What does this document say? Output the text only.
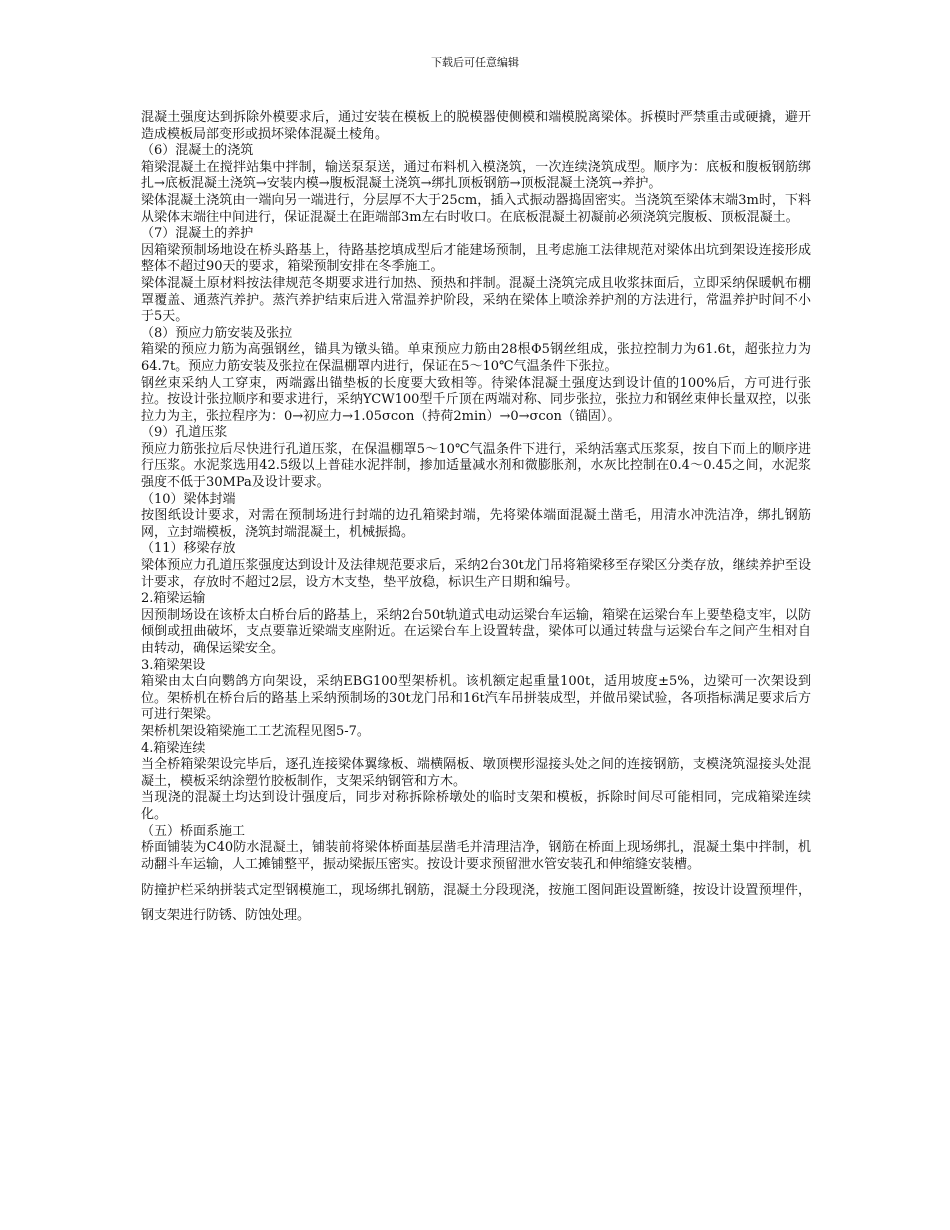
下载后可任意编辑

混凝土强度达到拆除外模要求后，通过安装在模板上的脱模器使侧模和端模脱离梁体。拆模时严禁重击或硬撬，避开造成模板局部变形或损坏梁体混凝土棱角。

（6）混凝土的浇筑

箱梁混凝土在搅拌站集中拌制，输送泵泵送，通过布料机入模浇筑，一次连续浇筑成型。顺序为：底板和腹板钢筋绑扎→底板混凝土浇筑→安装内模→腹板混凝土浇筑→绑扎顶板钢筋→顶板混凝土浇筑→养护。

梁体混凝土浇筑由一端向另一端进行，分层厚不大于25cm，插入式振动器捣固密实。当浇筑至梁体末端3m时，下料从梁体末端往中间进行，保证混凝土在距端部3m左右时收口。在底板混凝土初凝前必须浇筑完腹板、顶板混凝土。

（7）混凝土的养护

因箱梁预制场地设在桥头路基上，待路基挖填成型后才能建场预制，且考虑施工法律规范对梁体出坑到架设连接形成整体不超过90天的要求，箱梁预制安排在冬季施工。

梁体混凝土原材料按法律规范冬期要求进行加热、预热和拌制。混凝土浇筑完成且收浆抹面后，立即采纳保暖帆布棚罩覆盖、通蒸汽养护。蒸汽养护结束后进入常温养护阶段，采纳在梁体上喷涂养护剂的方法进行，常温养护时间不小于5天。

（8）预应力筋安装及张拉

箱梁的预应力筋为高强钢丝，锚具为镦头锚。单束预应力筋由28根Φ5钢丝组成，张拉控制力为61.6t，超张拉力为64.7t。预应力筋安装及张拉在保温棚罩内进行，保证在5～10℃气温条件下张拉。

钢丝束采纳人工穿束，两端露出锚垫板的长度要大致相等。待梁体混凝土强度达到设计值的100%后，方可进行张拉。按设计张拉顺序和要求进行，采纳YCW100型千斤顶在两端对称、同步张拉，张拉力和钢丝束伸长量双控，以张拉力为主，张拉程序为：0→初应力→1.05σcon（持荷2min）→0→σcon（锚固）。

（9）孔道压浆

预应力筋张拉后尽快进行孔道压浆，在保温棚罩5～10℃气温条件下进行，采纳活塞式压浆泵，按自下而上的顺序进行压浆。水泥浆选用42.5级以上普硅水泥拌制，掺加适量减水剂和微膨胀剂，水灰比控制在0.4～0.45之间，水泥浆强度不低于30MPa及设计要求。

（10）梁体封端

按图纸设计要求，对需在预制场进行封端的边孔箱梁封端，先将梁体端面混凝土凿毛，用清水冲洗洁净，绑扎钢筋网，立封端模板，浇筑封端混凝土，机械振捣。

（11）移梁存放

梁体预应力孔道压浆强度达到设计及法律规范要求后，采纳2台30t龙门吊将箱梁移至存梁区分类存放，继续养护至设计要求，存放时不超过2层，设方木支垫，垫平放稳，标识生产日期和编号。

2.箱梁运输

因预制场设在该桥太白桥台后的路基上，采纳2台50t轨道式电动运梁台车运输，箱梁在运梁台车上要垫稳支牢，以防倾倒或扭曲破坏，支点要靠近梁端支座附近。在运梁台车上设置转盘，梁体可以通过转盘与运梁台车之间产生相对自由转动，确保运梁安全。

3.箱梁架设

箱梁由太白向鹦鸽方向架设，采纳EBG100型架桥机。该机额定起重量100t，适用坡度±5%，边梁可一次架设到位。架桥机在桥台后的路基上采纳预制场的30t龙门吊和16t汽车吊拼装成型，并做吊梁试验，各项指标满足要求后方可进行架梁。

架桥机架设箱梁施工工艺流程见图5-7。

4.箱梁连续

当全桥箱梁架设完毕后，逐孔连接梁体翼缘板、端横隔板、墩顶楔形湿接头处之间的连接钢筋，支模浇筑湿接头处混凝土，模板采纳涂塑竹胶板制作，支架采纳钢管和方木。

当现浇的混凝土均达到设计强度后，同步对称拆除桥墩处的临时支架和模板，拆除时间尽可能相同，完成箱梁连续化。

（五）桥面系施工

桥面铺装为C40防水混凝土，铺装前将梁体桥面基层凿毛并清理洁净，钢筋在桥面上现场绑扎，混凝土集中拌制，机动翻斗车运输，人工摊铺整平，振动梁振压密实。按设计要求预留泄水管安装孔和伸缩缝安装槽。

防撞护栏采纳拼装式定型钢模施工，现场绑扎钢筋，混凝土分段现浇，按施工图间距设置断缝，按设计设置预埋件，钢支架进行防锈、防蚀处理。
